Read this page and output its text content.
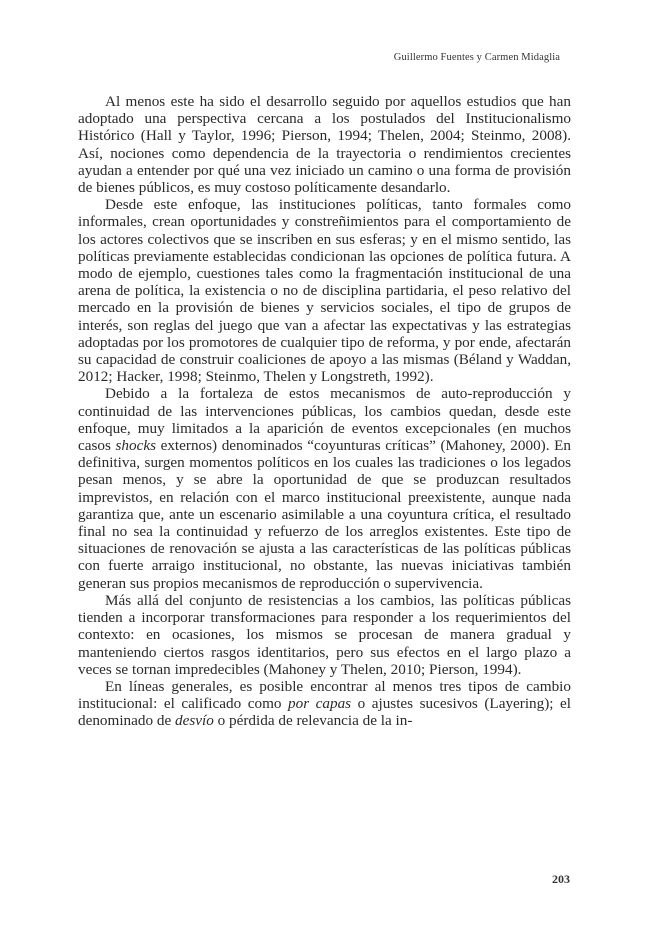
Guillermo Fuentes y Carmen Midaglia

Al menos este ha sido el desarrollo seguido por aquellos estudios que han adoptado una perspectiva cercana a los postulados del Institucionalismo Histórico (Hall y Taylor, 1996; Pierson, 1994; Thelen, 2004; Steinmo, 2008). Así, nociones como dependencia de la trayectoria o rendimientos crecientes ayudan a entender por qué una vez iniciado un camino o una forma de provisión de bienes públicos, es muy costoso políticamente desandarlo.

Desde este enfoque, las instituciones políticas, tanto formales como informales, crean oportunidades y constreñimientos para el comportamiento de los actores colectivos que se inscriben en sus esferas; y en el mismo sentido, las políticas previamente establecidas condicionan las opciones de política futura. A modo de ejemplo, cuestiones tales como la fragmentación institucional de una arena de política, la existencia o no de disciplina partidaria, el peso relativo del mercado en la provisión de bienes y servicios sociales, el tipo de grupos de interés, son reglas del juego que van a afectar las expectativas y las estrategias adoptadas por los promotores de cualquier tipo de reforma, y por ende, afectarán su capacidad de construir coaliciones de apoyo a las mismas (Béland y Waddan, 2012; Hacker, 1998; Steinmo, Thelen y Longstreth, 1992).

Debido a la fortaleza de estos mecanismos de auto-reproducción y continuidad de las intervenciones públicas, los cambios quedan, desde este enfoque, muy limitados a la aparición de eventos excepcionales (en muchos casos shocks externos) denominados “coyunturas críticas” (Mahoney, 2000). En definitiva, surgen momentos políticos en los cuales las tradiciones o los legados pesan menos, y se abre la oportunidad de que se produzcan resultados imprevistos, en relación con el marco institucional preexistente, aunque nada garantiza que, ante un escenario asimilable a una coyuntura crítica, el resultado final no sea la continuidad y refuerzo de los arreglos existentes. Este tipo de situaciones de renovación se ajusta a las características de las políticas públicas con fuerte arraigo institucional, no obstante, las nuevas iniciativas también generan sus propios mecanismos de reproducción o supervivencia.

Más allá del conjunto de resistencias a los cambios, las políticas públicas tienden a incorporar transformaciones para responder a los requerimientos del contexto: en ocasiones, los mismos se procesan de manera gradual y manteniendo ciertos rasgos identitarios, pero sus efectos en el largo plazo a veces se tornan impredecibles (Mahoney y Thelen, 2010; Pierson, 1994).

En líneas generales, es posible encontrar al menos tres tipos de cambio institucional: el calificado como por capas o ajustes sucesivos (Layering); el denominado de desvío o pérdida de relevancia de la in-

203
